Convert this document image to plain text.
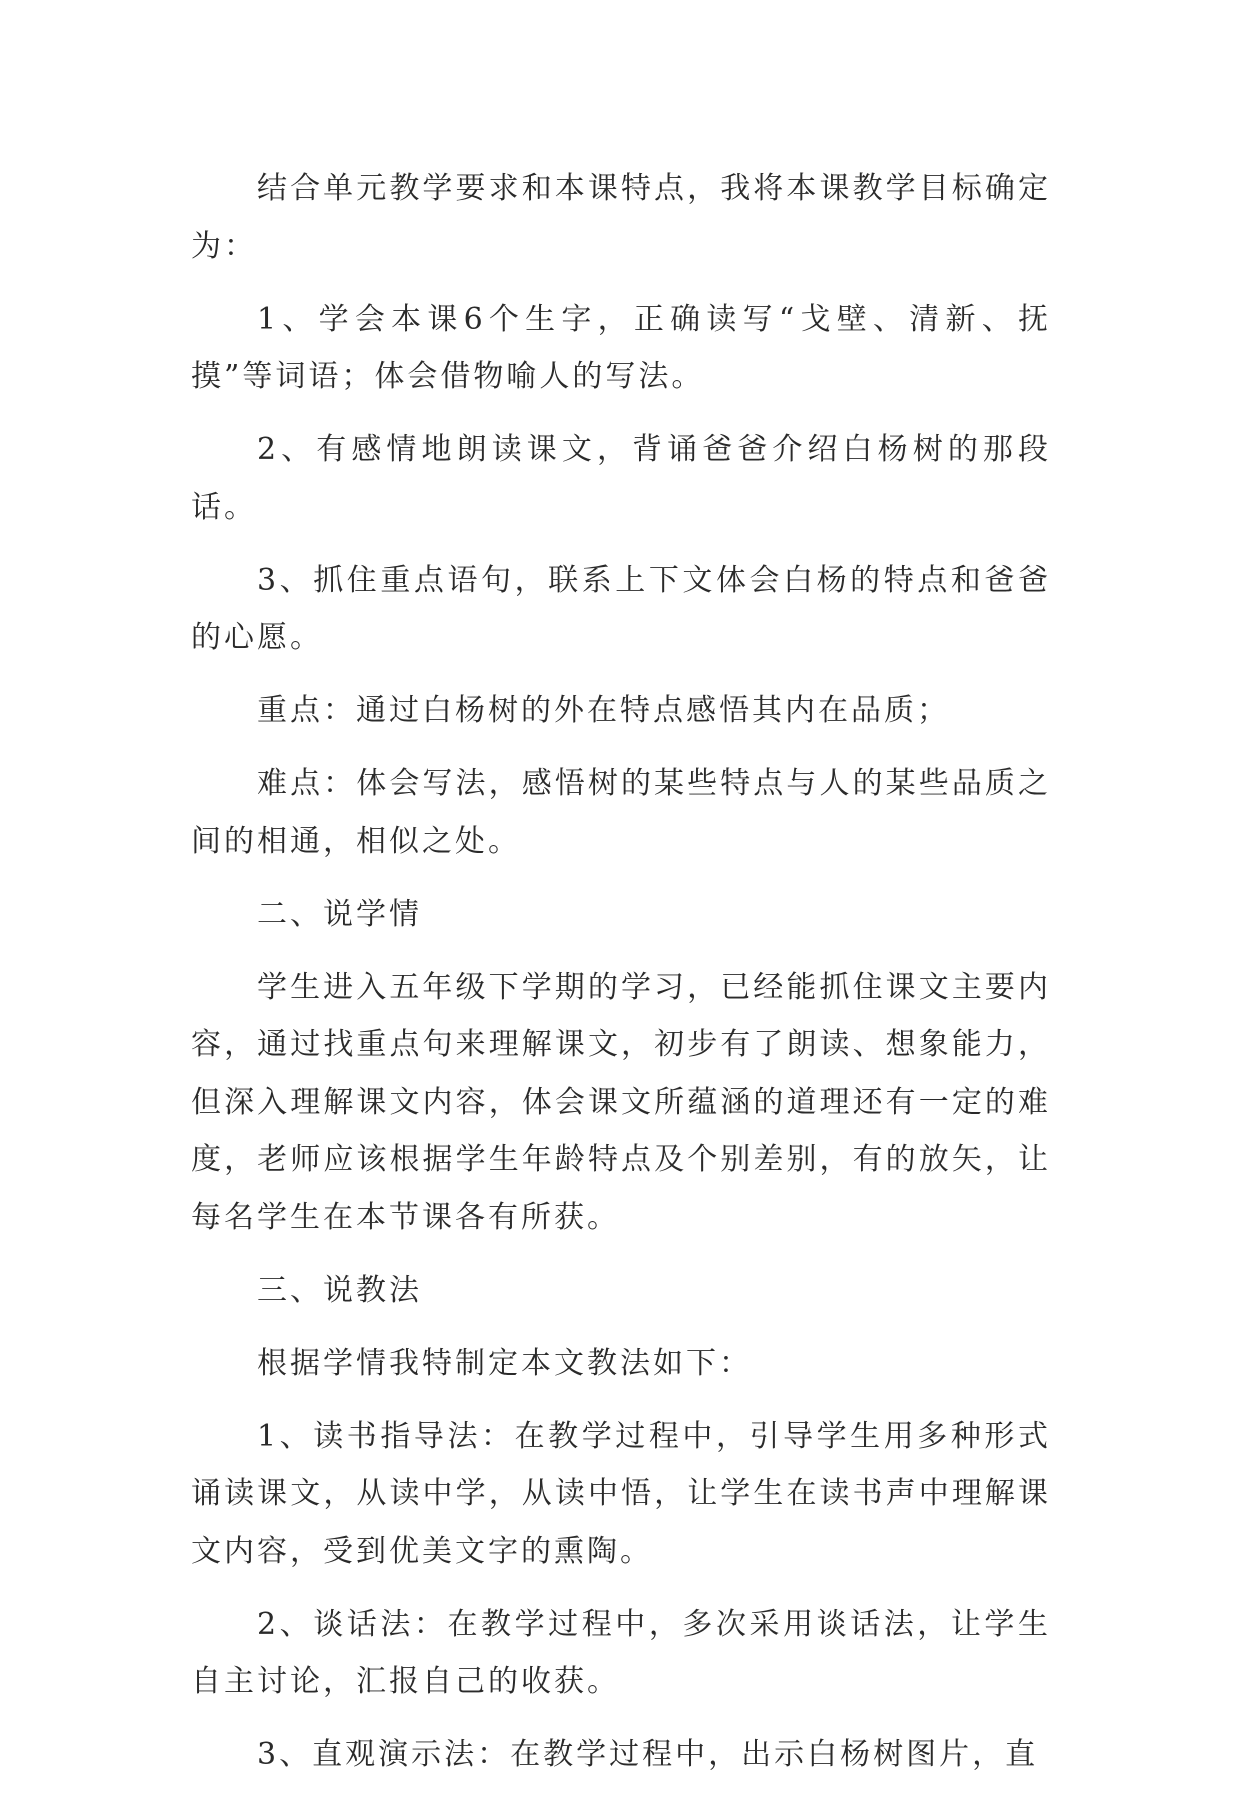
结合单元教学要求和本课特点，我将本课教学目标确定为：

1、学会本课6个生字，正确读写“戈壁、清新、抚摸”等词语；体会借物喻人的写法。

2、有感情地朗读课文，背诵爸爸介绍白杨树的那段话。

3、抓住重点语句，联系上下文体会白杨的特点和爸爸的心愿。

重点：通过白杨树的外在特点感悟其内在品质；

难点：体会写法，感悟树的某些特点与人的某些品质之间的相通，相似之处。

二、说学情

学生进入五年级下学期的学习，已经能抓住课文主要内容，通过找重点句来理解课文，初步有了朗读、想象能力，但深入理解课文内容，体会课文所蕴涵的道理还有一定的难度，老师应该根据学生年龄特点及个别差别，有的放矢，让每名学生在本节课各有所获。

三、说教法

根据学情我特制定本文教法如下：

1、读书指导法：在教学过程中，引导学生用多种形式诵读课文，从读中学，从读中悟，让学生在读书声中理解课文内容，受到优美文字的熏陶。

2、谈话法：在教学过程中，多次采用谈话法，让学生自主讨论，汇报自己的收获。

3、直观演示法：在教学过程中，出示白杨树图片，直
